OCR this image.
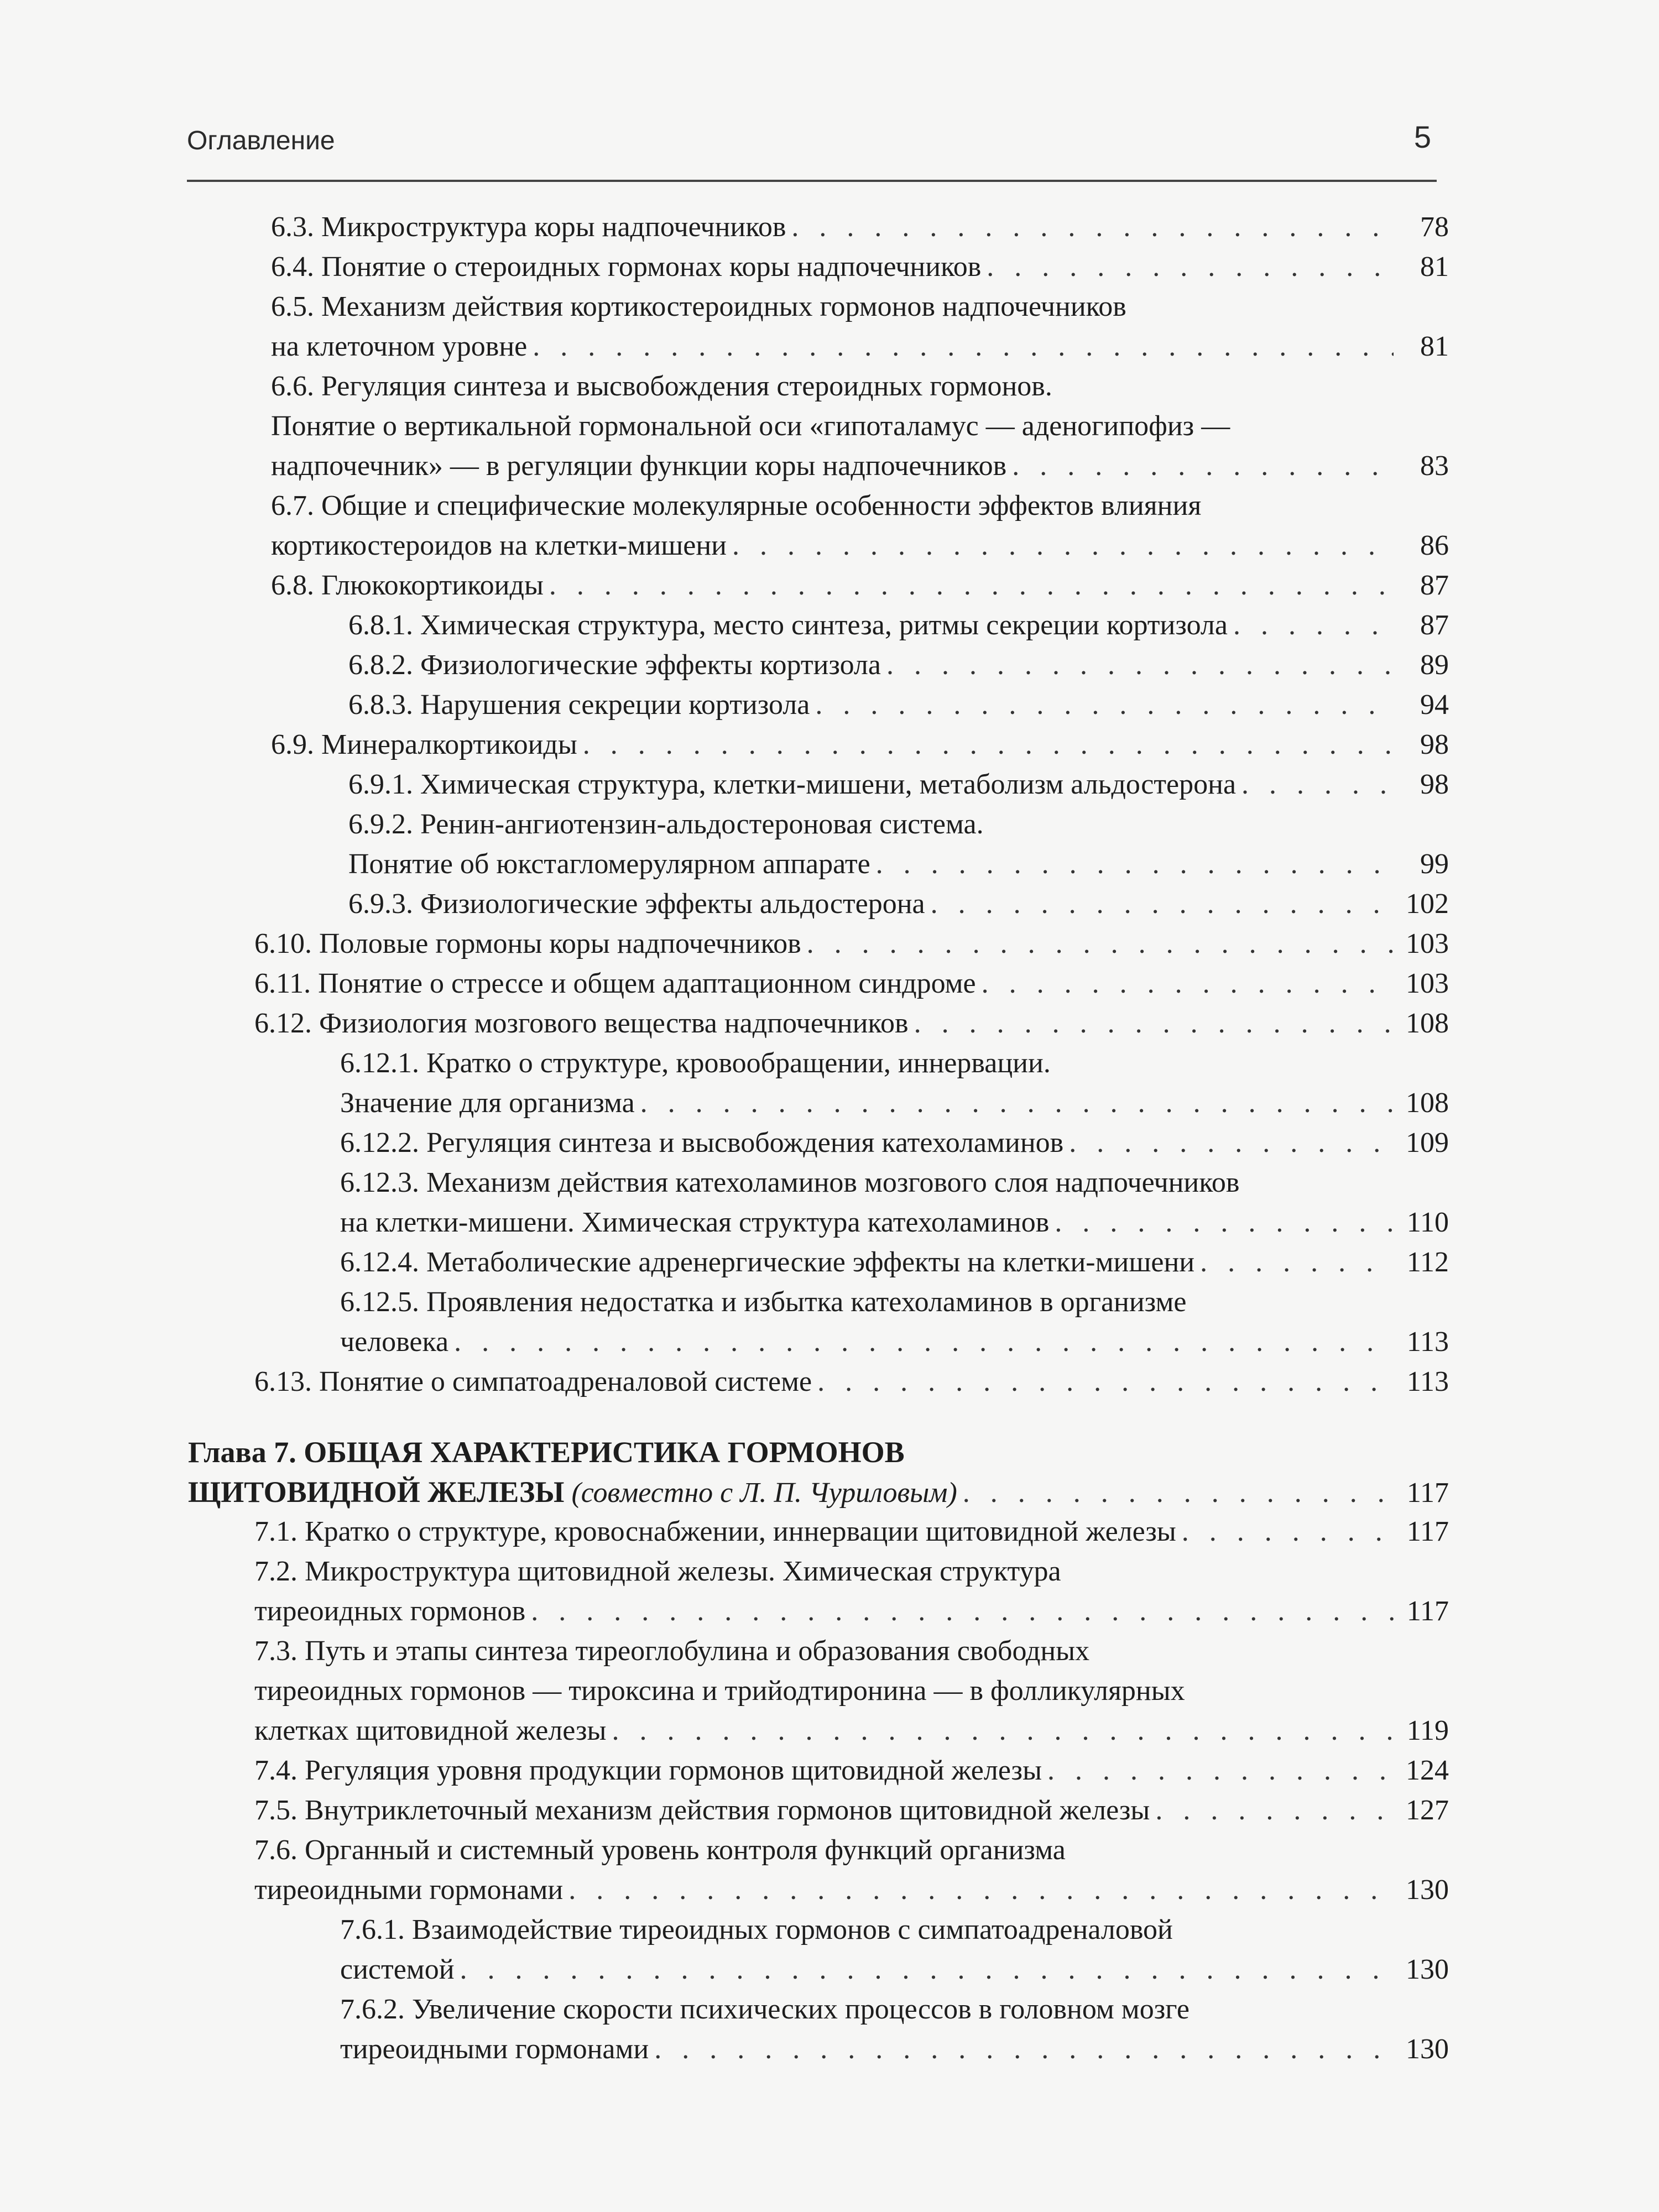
Оглавление	5
6.3. Микроструктура коры надпочечников . . .	78
6.4. Понятие о стероидных гормонах коры надпочечников . . .	81
6.5. Механизм действия кортикостероидных гормонов надпочечников
на клеточном уровне . . .	81
6.6. Регуляция синтеза и высвобождения стероидных гормонов.
Понятие о вертикальной гормональной оси «гипоталамус — аденогипофиз —
надпочечник» — в регуляции функции коры надпочечников . . .	83
6.7. Общие и специфические молекулярные особенности эффектов влияния
кортикостероидов на клетки-мишени . . .	86
6.8. Глюкокортикоиды . . .	87
6.8.1. Химическая структура, место синтеза, ритмы секреции кортизола . . .	87
6.8.2. Физиологические эффекты кортизола . . .	89
6.8.3. Нарушения секреции кортизола . . .	94
6.9. Минералкортикоиды . . .	98
6.9.1. Химическая структура, клетки-мишени, метаболизм альдостерона . . .	98
6.9.2. Ренин-ангиотензин-альдостероновая система.
Понятие об юкстагломерулярном аппарате . . .	99
6.9.3. Физиологические эффекты альдостерона . . .	102
6.10. Половые гормоны коры надпочечников . . .	103
6.11. Понятие о стрессе и общем адаптационном синдроме . . .	103
6.12. Физиология мозгового вещества надпочечников . . .	108
6.12.1. Кратко о структуре, кровообращении, иннервации.
Значение для организма . . .	108
6.12.2. Регуляция синтеза и высвобождения катехоламинов . . .	109
6.12.3. Механизм действия катехоламинов мозгового слоя надпочечников
на клетки-мишени. Химическая структура катехоламинов . . .	110
6.12.4. Метаболические адренергические эффекты на клетки-мишени . . .	112
6.12.5. Проявления недостатка и избытка катехоламинов в организме
человека . . .	113
6.13. Понятие о симпатоадреналовой системе . . .	113
Глава 7. ОБЩАЯ ХАРАКТЕРИСТИКА ГОРМОНОВ
ЩИТОВИДНОЙ ЖЕЛЕЗЫ
(совместно с Л. П. Чуриловым) . . .	117
7.1. Кратко о структуре, кровоснабжении, иннервации щитовидной железы . . .	117
7.2. Микроструктура щитовидной железы. Химическая структура
тиреоидных гормонов . . .	117
7.3. Путь и этапы синтеза тиреоглобулина и образования свободных
тиреоидных гормонов — тироксина и трийодтиронина — в фолликулярных
клетках щитовидной железы . . .	119
7.4. Регуляция уровня продукции гормонов щитовидной железы . . .	124
7.5. Внутриклеточный механизм действия гормонов щитовидной железы . . .	127
7.6. Органный и системный уровень контроля функций организма
тиреоидными гормонами . . .	130
7.6.1. Взаимодействие тиреоидных гормонов с симпатоадреналовой
системой . . .	130
7.6.2. Увеличение скорости психических процессов в головном мозге
тиреоидными гормонами . . .	130
